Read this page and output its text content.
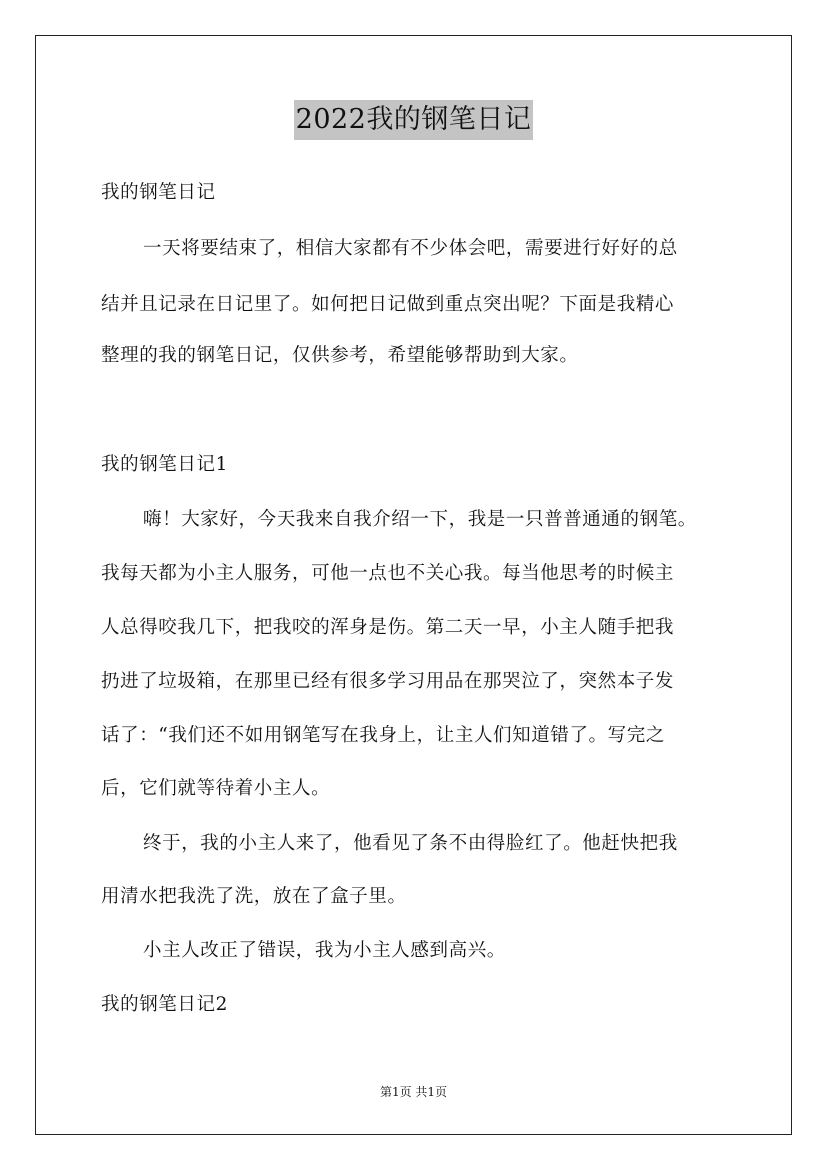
2022我的钢笔日记
我的钢笔日记
一天将要结束了，相信大家都有不少体会吧，需要进行好好的总
结并且记录在日记里了。如何把日记做到重点突出呢？下面是我精心
整理的我的钢笔日记，仅供参考，希望能够帮助到大家。
我的钢笔日记1
嗨！大家好，今天我来自我介绍一下，我是一只普普通通的钢笔。
我每天都为小主人服务，可他一点也不关心我。每当他思考的时候主
人总得咬我几下，把我咬的浑身是伤。第二天一早，小主人随手把我
扔进了垃圾箱，在那里已经有很多学习用品在那哭泣了，突然本子发
话了：“我们还不如用钢笔写在我身上，让主人们知道错了。写完之
后，它们就等待着小主人。
终于，我的小主人来了，他看见了条不由得脸红了。他赶快把我
用清水把我洗了洗，放在了盒子里。
小主人改正了错误，我为小主人感到高兴。
我的钢笔日记2
第1页 共1页
